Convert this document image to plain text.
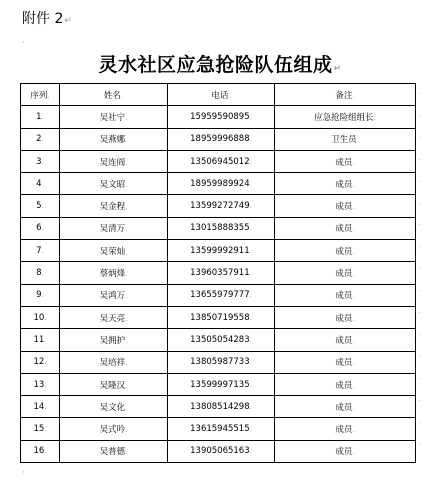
附件 2↵
‚
灵水社区应急抢险队伍组成↵
序列.	姓名.	电话.	备注.
1.	吴社宁.	15959590895.	应急抢险组组长.
2.	吴燕娜.	18959996888.	卫生员.
3.	吴连阎.	13506945012.	成员.
4.	吴文昭.	18959989924.	成员.
5.	吴金程.	13599272749.	成员.
6.	吴清万.	13015888355.	成员.
7.	吴荣灿.	13599992911.	成员.
8.	蔡炳烽.	13960357911.	成员.
9.	吴鸿万.	13655979777.	成员.
10.	吴天亮.	13850719558.	成员.
11.	吴拥护.	13505054283.	成员.
12.	吴培祥.	13805987733.	成员.
13.	吴隆汉.	13599997135.	成员.
14.	吴文化.	13808514298.	成员.
15.	吴式吟.	13615945515.	成员.
16.	吴普德.	13905065163.	成员.
.
.
.
.
.
.
.
.
.
.
.
.
.
.
.
.
.
‚
